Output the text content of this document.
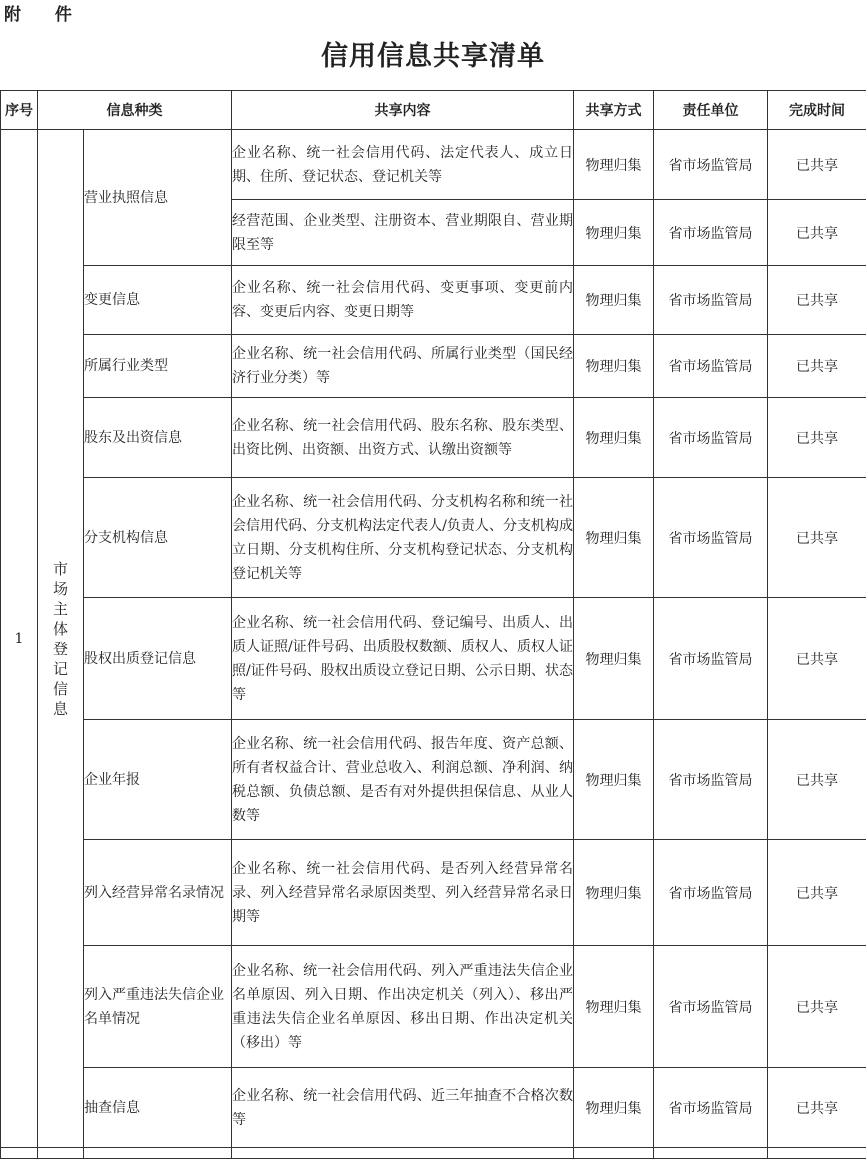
附 件
信用信息共享清单
序号	信息种类		共享内容	共享方式	责任单位	完成时间
1	市场主体登记信息	营业执照信息	企业名称、统一社会信用代码、法定代表人、成立日期、住所、登记状态、登记机关等	物理归集	省市场监管局	已共享
			经营范围、企业类型、注册资本、营业期限自、营业期限至等	物理归集	省市场监管局	已共享
		变更信息	企业名称、统一社会信用代码、变更事项、变更前内容、变更后内容、变更日期等	物理归集	省市场监管局	已共享
		所属行业类型	企业名称、统一社会信用代码、所属行业类型（国民经济行业分类）等	物理归集	省市场监管局	已共享
		股东及出资信息	企业名称、统一社会信用代码、股东名称、股东类型、出资比例、出资额、出资方式、认缴出资额等	物理归集	省市场监管局	已共享
		分支机构信息	企业名称、统一社会信用代码、分支机构名称和统一社会信用代码、分支机构法定代表人/负责人、分支机构成立日期、分支机构住所、分支机构登记状态、分支机构登记机关等	物理归集	省市场监管局	已共享
		股权出质登记信息	企业名称、统一社会信用代码、登记编号、出质人、出质人证照/证件号码、出质股权数额、质权人、质权人证照/证件号码、股权出质设立登记日期、公示日期、状态等	物理归集	省市场监管局	已共享
		企业年报	企业名称、统一社会信用代码、报告年度、资产总额、所有者权益合计、营业总收入、利润总额、净利润、纳税总额、负债总额、是否有对外提供担保信息、从业人数等	物理归集	省市场监管局	已共享
		列入经营异常名录情况	企业名称、统一社会信用代码、是否列入经营异常名录、列入经营异常名录原因类型、列入经营异常名录日期等	物理归集	省市场监管局	已共享
		列入严重违法失信企业名单情况	企业名称、统一社会信用代码、列入严重违法失信企业名单原因、列入日期、作出决定机关（列入）、移出严重违法失信企业名单原因、移出日期、作出决定机关（移出）等	物理归集	省市场监管局	已共享
		抽查信息	企业名称、统一社会信用代码、近三年抽查不合格次数等	物理归集	省市场监管局	已共享
